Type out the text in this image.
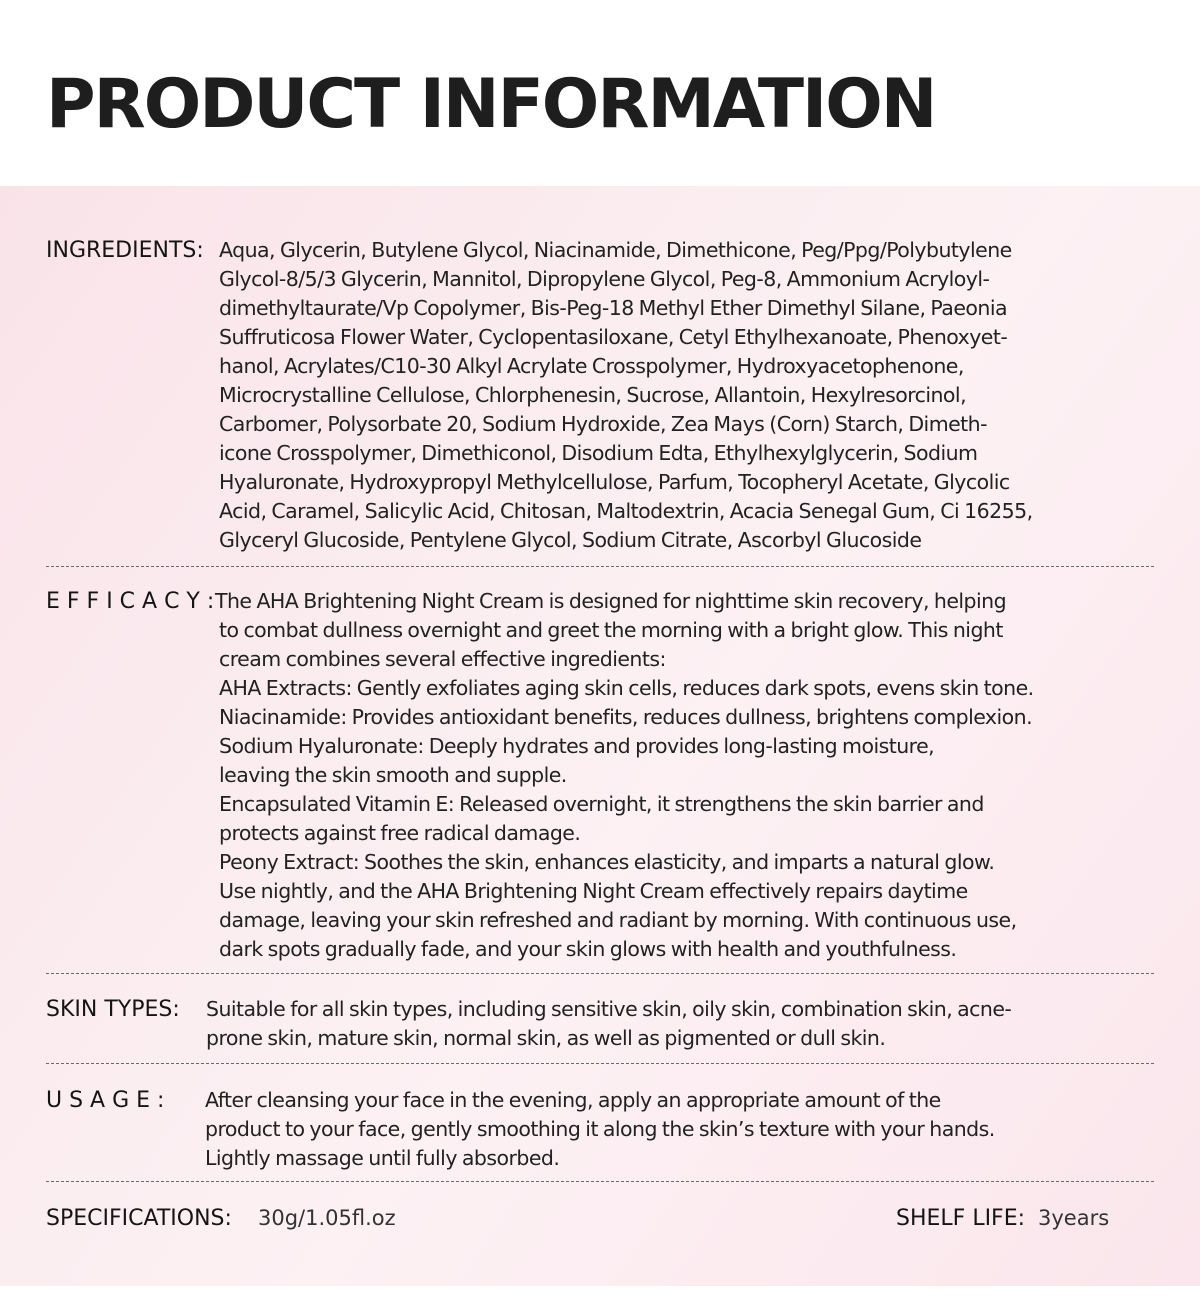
PRODUCT INFORMATION
INGREDIENTS: Aqua, Glycerin, Butylene Glycol, Niacinamide, Dimethicone, Peg/Ppg/Polybutylene

Glycol-8/5/3 Glycerin, Mannitol, Dipropylene Glycol, Peg-8, Ammonium Acryloyl-

dimethyltaurate/Vp Copolymer, Bis-Peg-18 Methyl Ether Dimethyl Silane, Paeonia

Suffruticosa Flower Water, Cyclopentasiloxane, Cetyl Ethylhexanoate, Phenoxyet-

hanol, Acrylates/C10-30 Alkyl Acrylate Crosspolymer, Hydroxyacetophenone,

Microcrystalline Cellulose, Chlorphenesin, Sucrose, Allantoin, Hexylresorcinol,

Carbomer, Polysorbate 20, Sodium Hydroxide, Zea Mays (Corn) Starch, Dimeth-

icone Crosspolymer, Dimethiconol, Disodium Edta, Ethylhexylglycerin, Sodium

Hyaluronate, Hydroxypropyl Methylcellulose, Parfum, Tocopheryl Acetate, Glycolic

Acid, Caramel, Salicylic Acid, Chitosan, Maltodextrin, Acacia Senegal Gum, Ci 16255,

Glyceryl Glucoside, Pentylene Glycol, Sodium Citrate, Ascorbyl Glucoside

E F F I C A C Y : The AHA Brightening Night Cream is designed for nighttime skin recovery, helping

to combat dullness overnight and greet the morning with a bright glow. This night

cream combines several effective ingredients:

AHA Extracts: Gently exfoliates aging skin cells, reduces dark spots, evens skin tone.

Niacinamide: Provides antioxidant benefits, reduces dullness, brightens complexion.

Sodium Hyaluronate: Deeply hydrates and provides long-lasting moisture,

leaving the skin smooth and supple.

Encapsulated Vitamin E: Released overnight, it strengthens the skin barrier and

protects against free radical damage.

Peony Extract: Soothes the skin, enhances elasticity, and imparts a natural glow.

Use nightly, and the AHA Brightening Night Cream effectively repairs daytime

damage, leaving your skin refreshed and radiant by morning. With continuous use,

dark spots gradually fade, and your skin glows with health and youthfulness.

SKIN TYPES: Suitable for all skin types, including sensitive skin, oily skin, combination skin, acne-

prone skin, mature skin, normal skin, as well as pigmented or dull skin.

U S A G E : After cleansing your face in the evening, apply an appropriate amount of the

product to your face, gently smoothing it along the skin’s texture with your hands.

Lightly massage until fully absorbed.

SPECIFICATIONS: 30g/1.05fl.oz	SHELF LIFE: 3years
